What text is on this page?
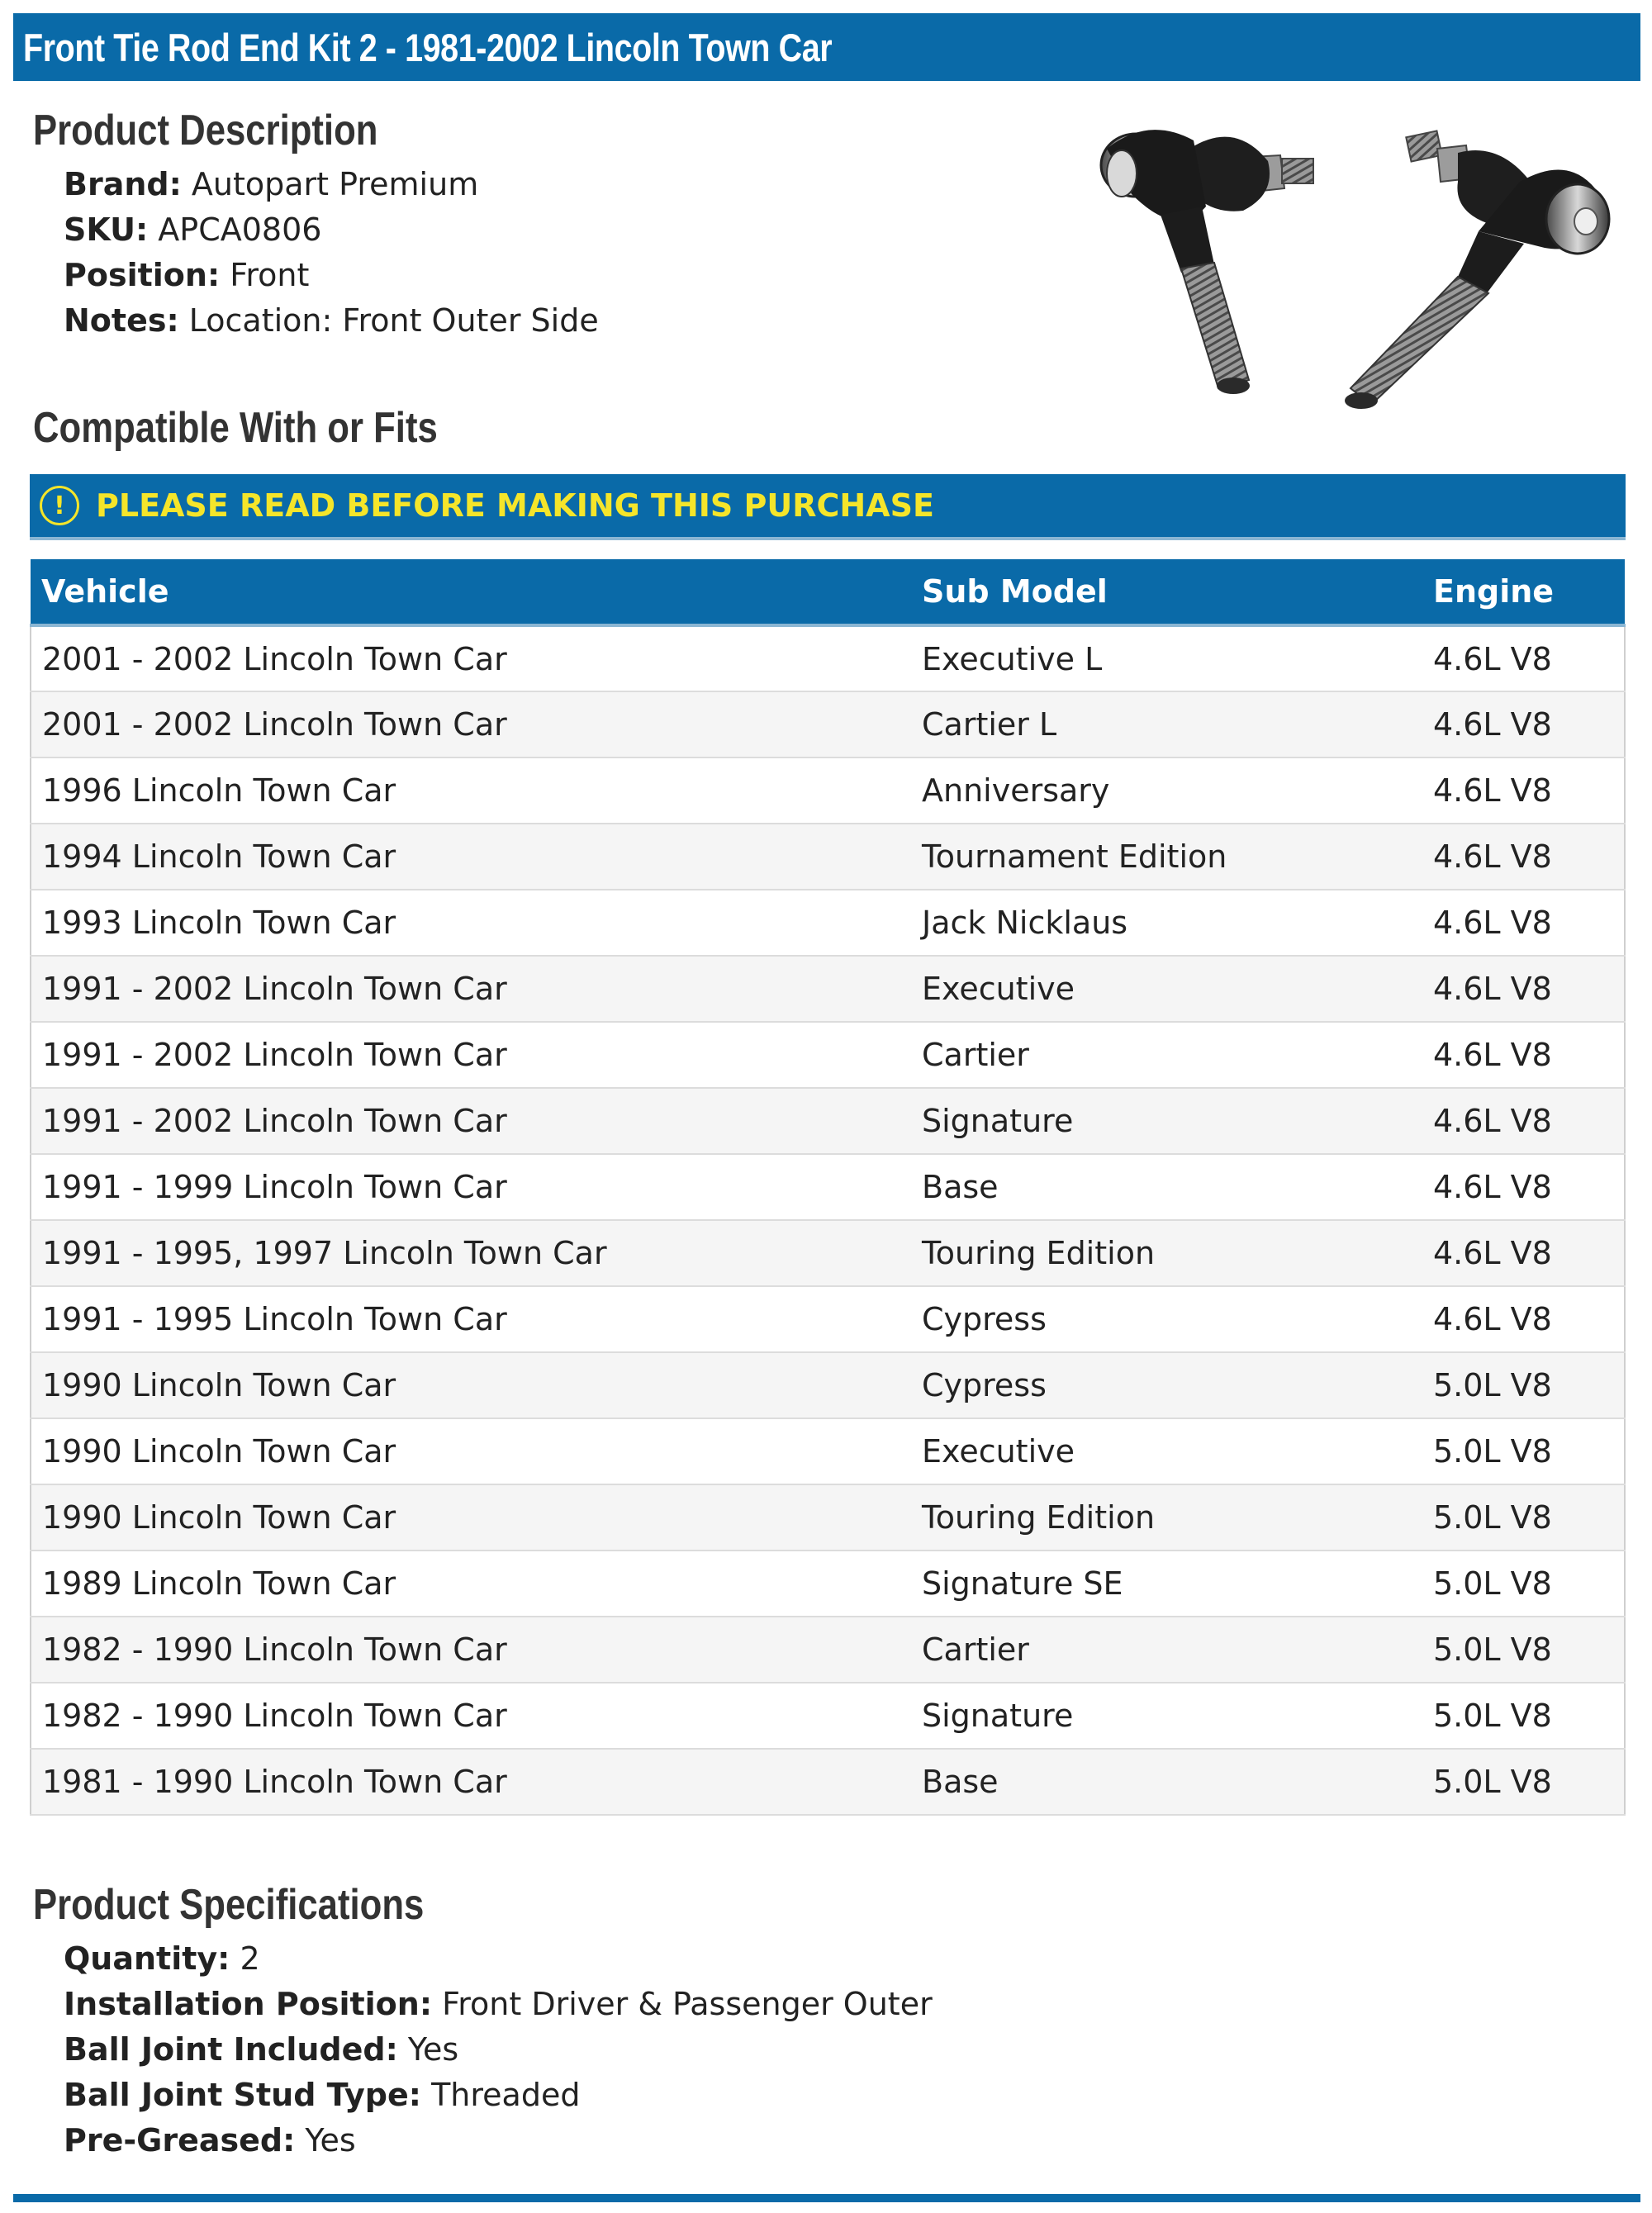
Front Tie Rod End Kit 2 - 1981-2002 Lincoln Town Car
Product Description
Brand: Autopart Premium
SKU: APCA0806
Position: Front
Notes: Location: Front Outer Side
Compatible With or Fits
! PLEASE READ BEFORE MAKING THIS PURCHASE
Vehicle	Sub Model	Engine
2001 - 2002 Lincoln Town Car	Executive L	4.6L V8
2001 - 2002 Lincoln Town Car	Cartier L	4.6L V8
1996 Lincoln Town Car	Anniversary	4.6L V8
1994 Lincoln Town Car	Tournament Edition	4.6L V8
1993 Lincoln Town Car	Jack Nicklaus	4.6L V8
1991 - 2002 Lincoln Town Car	Executive	4.6L V8
1991 - 2002 Lincoln Town Car	Cartier	4.6L V8
1991 - 2002 Lincoln Town Car	Signature	4.6L V8
1991 - 1999 Lincoln Town Car	Base	4.6L V8
1991 - 1995, 1997 Lincoln Town Car	Touring Edition	4.6L V8
1991 - 1995 Lincoln Town Car	Cypress	4.6L V8
1990 Lincoln Town Car	Cypress	5.0L V8
1990 Lincoln Town Car	Executive	5.0L V8
1990 Lincoln Town Car	Touring Edition	5.0L V8
1989 Lincoln Town Car	Signature SE	5.0L V8
1982 - 1990 Lincoln Town Car	Cartier	5.0L V8
1982 - 1990 Lincoln Town Car	Signature	5.0L V8
1981 - 1990 Lincoln Town Car	Base	5.0L V8
Product Specifications
Quantity: 2
Installation Position: Front Driver & Passenger Outer
Ball Joint Included: Yes
Ball Joint Stud Type: Threaded
Pre-Greased: Yes
